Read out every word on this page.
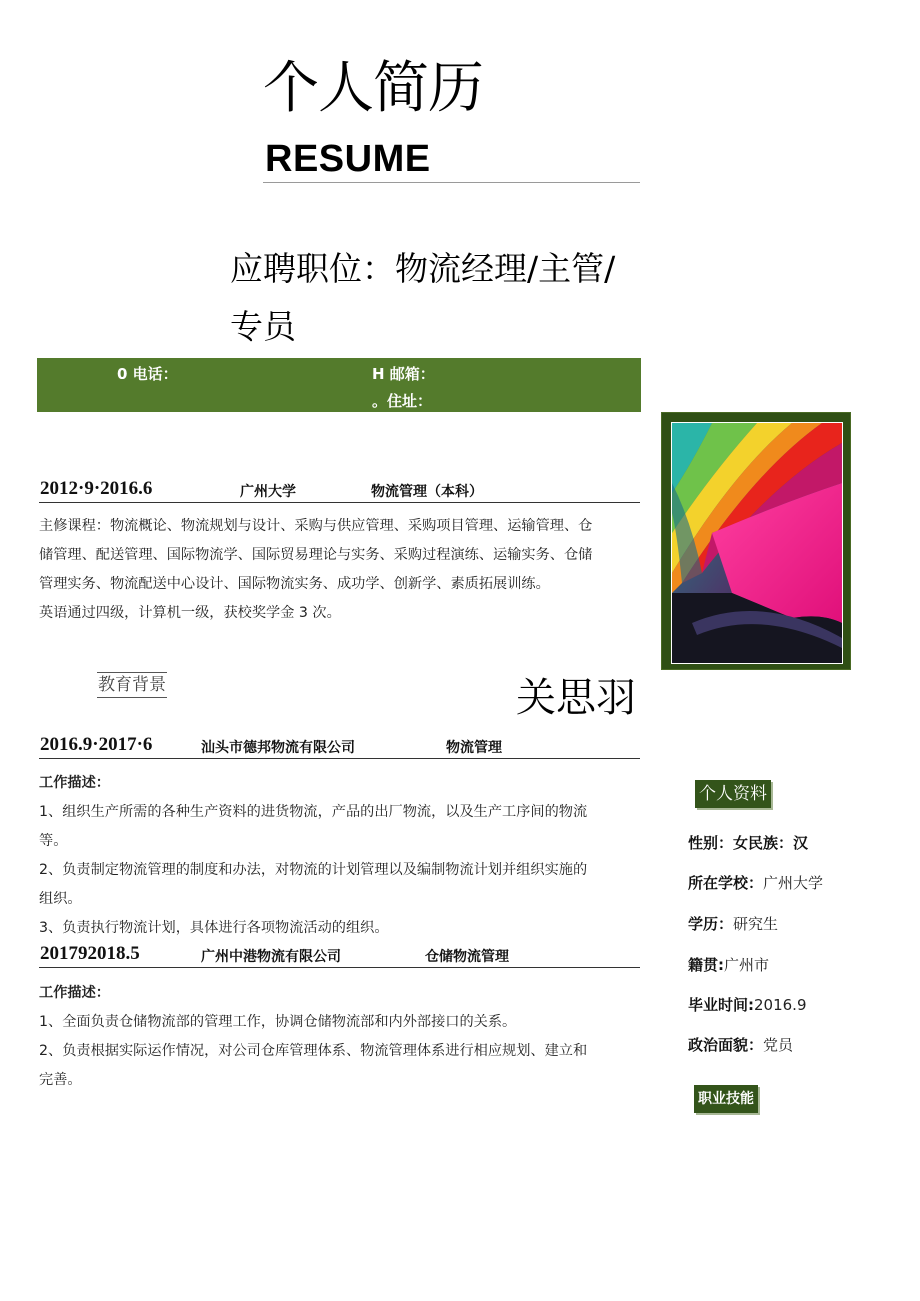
个人简历
RESUME
应聘职位：物流经理/主管/
专员
0 电话：	H 邮箱：
。住址：
2012·9·2016.6	广州大学	物流管理（本科）
主修课程：物流概论、物流规划与设计、采购与供应管理、采购项目管理、运输管理、仓
储管理、配送管理、国际物流学、国际贸易理论与实务、采购过程演练、运输实务、仓储
管理实务、物流配送中心设计、国际物流实务、成功学、创新学、素质拓展训练。
英语通过四级，计算机一级，获校奖学金 3 次。
教育背景	关思羽
2016.9·2017·6	汕头市德邦物流有限公司	物流管理
工作描述：
1、组织生产所需的各种生产资料的进货物流，产品的出厂物流，以及生产工序间的物流
等。
2、负责制定物流管理的制度和办法，对物流的计划管理以及编制物流计划并组织实施的
组织。
3、负责执行物流计划，具体进行各项物流活动的组织。
201792018.5	广州中港物流有限公司	仓储物流管理
工作描述：
1、全面负责仓储物流部的管理工作，协调仓储物流部和内外部接口的关系。
2、负责根据实际运作情况，对公司仓库管理体系、物流管理体系进行相应规划、建立和
完善。
个人资料
性别：女民族：汉
所在学校：广州大学
学历：研究生
籍贯:广州市
毕业时间:2016.9
政治面貌：党员
职业技能
